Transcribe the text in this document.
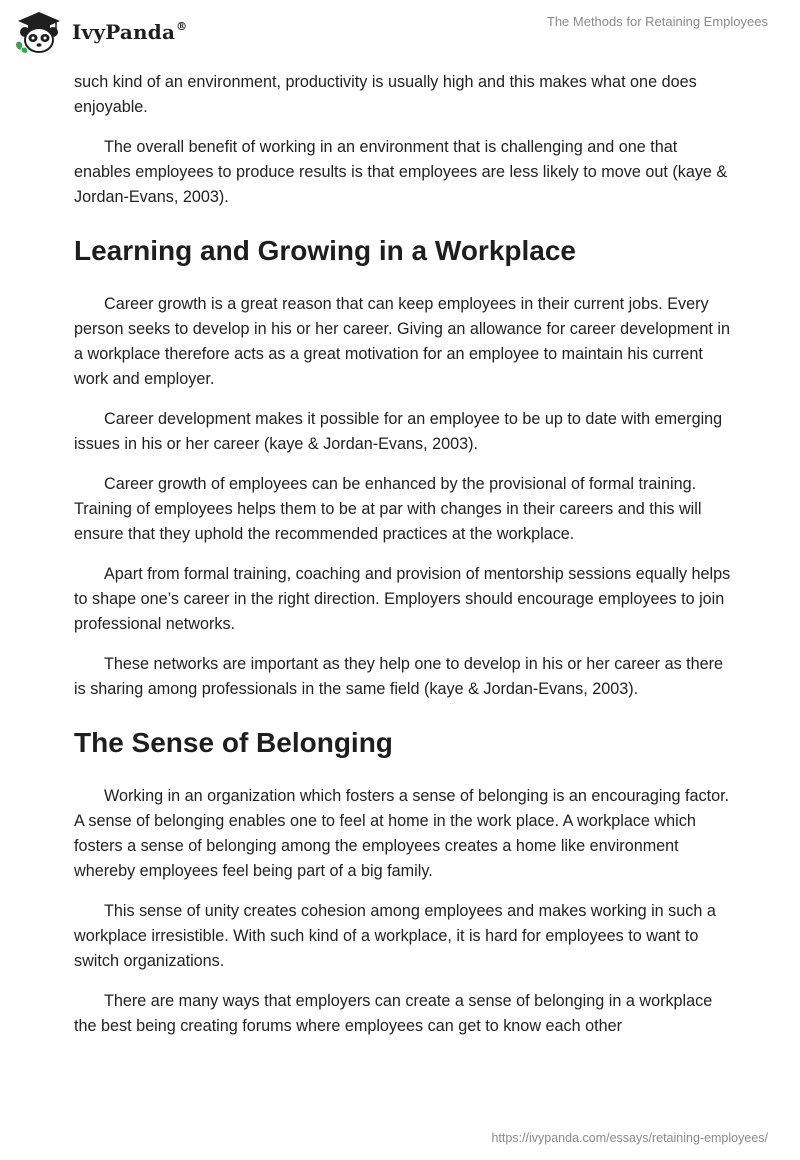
IvyPanda®	The Methods for Retaining Employees

such kind of an environment, productivity is usually high and this makes what one does enjoyable.

The overall benefit of working in an environment that is challenging and one that enables employees to produce results is that employees are less likely to move out (kaye & Jordan-Evans, 2003).

Learning and Growing in a Workplace

Career growth is a great reason that can keep employees in their current jobs. Every person seeks to develop in his or her career. Giving an allowance for career development in a workplace therefore acts as a great motivation for an employee to maintain his current work and employer.

Career development makes it possible for an employee to be up to date with emerging issues in his or her career (kaye & Jordan-Evans, 2003).

Career growth of employees can be enhanced by the provisional of formal training. Training of employees helps them to be at par with changes in their careers and this will ensure that they uphold the recommended practices at the workplace.

Apart from formal training, coaching and provision of mentorship sessions equally helps to shape one’s career in the right direction. Employers should encourage employees to join professional networks.

These networks are important as they help one to develop in his or her career as there is sharing among professionals in the same field (kaye & Jordan-Evans, 2003).

The Sense of Belonging

Working in an organization which fosters a sense of belonging is an encouraging factor. A sense of belonging enables one to feel at home in the work place. A workplace which fosters a sense of belonging among the employees creates a home like environment whereby employees feel being part of a big family.

This sense of unity creates cohesion among employees and makes working in such a workplace irresistible. With such kind of a workplace, it is hard for employees to want to switch organizations.

There are many ways that employers can create a sense of belonging in a workplace the best being creating forums where employees can get to know each other

https://ivypanda.com/essays/retaining-employees/
